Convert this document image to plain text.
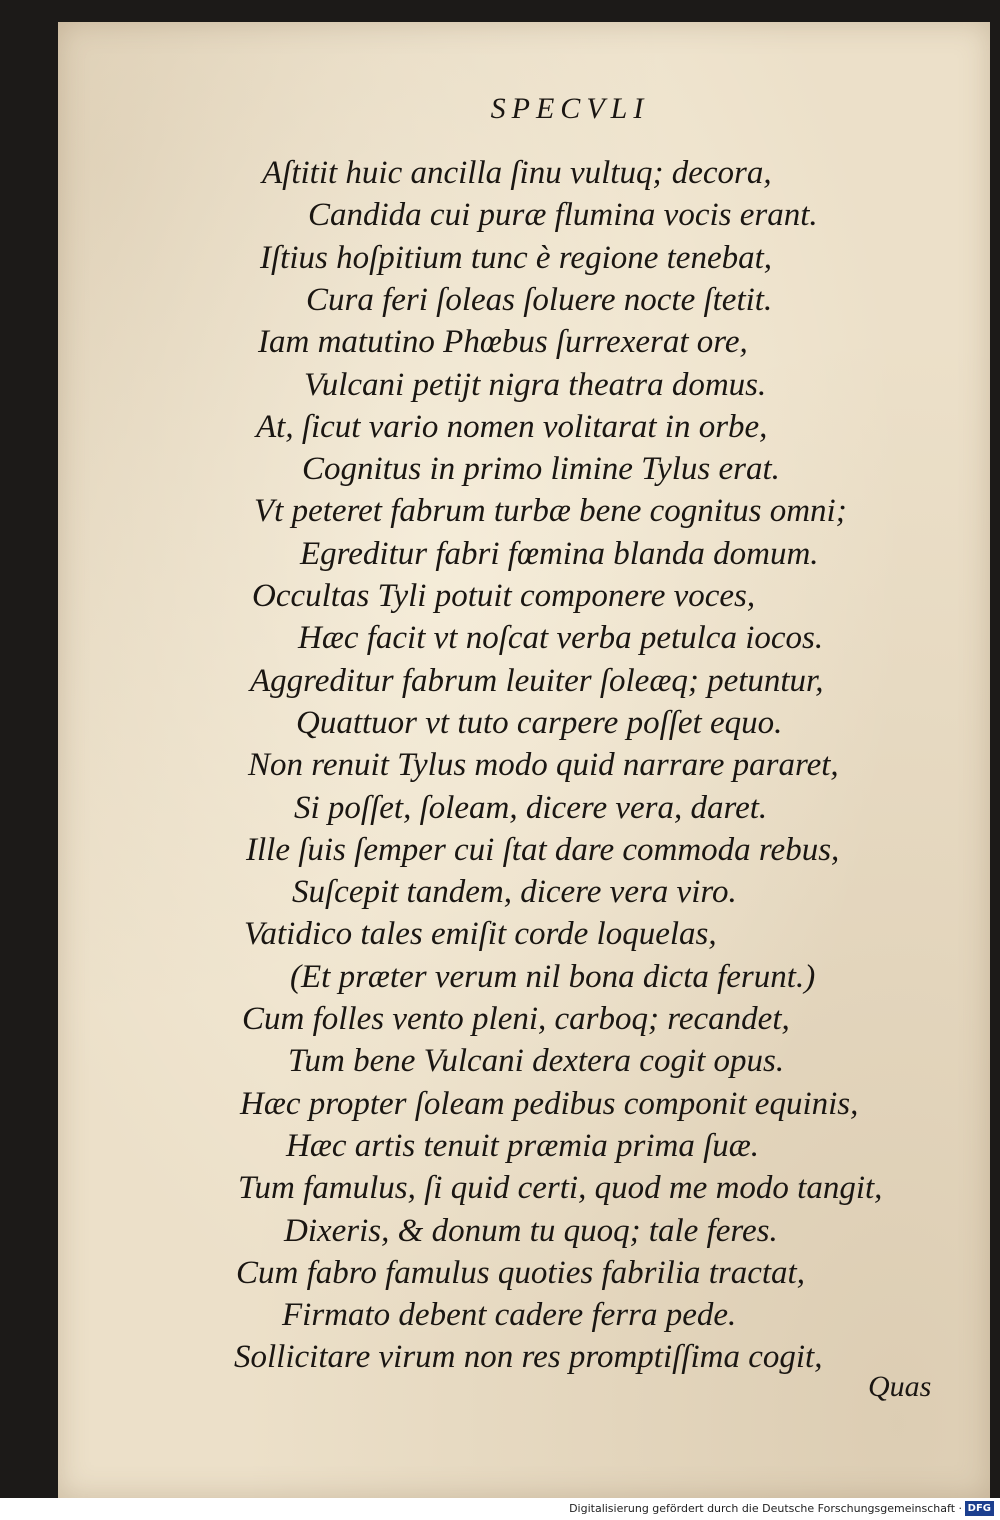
SPECVLI
Aſtitit huic ancilla ſinu vultuq; decora,
Candida cui puræ flumina vocis erant.
Iſtius hoſpitium tunc è regione tenebat,
Cura feri ſoleas ſoluere nocte ſtetit.
Iam matutino Phœbus ſurrexerat ore,
Vulcani petijt nigra theatra domus.
At, ſicut vario nomen volitarat in orbe,
Cognitus in primo limine Tylus erat.
Vt peteret fabrum turbæ bene cognitus omni;
Egreditur fabri fœmina blanda domum.
Occultas Tyli potuit componere voces,
Hæc facit vt noſcat verba petulca iocos.
Aggreditur fabrum leuiter ſoleæq; petuntur,
Quattuor vt tuto carpere poſſet equo.
Non renuit Tylus modo quid narrare pararet,
Si poſſet, ſoleam, dicere vera, daret.
Ille ſuis ſemper cui ſtat dare commoda rebus,
Suſcepit tandem, dicere vera viro.
Vatidico tales emiſit corde loquelas,
(Et præter verum nil bona dicta ferunt.)
Cum folles vento pleni, carboq; recandet,
Tum bene Vulcani dextera cogit opus.
Hæc propter ſoleam pedibus componit equinis,
Hæc artis tenuit præmia prima ſuæ.
Tum famulus, ſi quid certi, quod me modo tangit,
Dixeris, & donum tu quoq; tale feres.
Cum fabro famulus quoties fabrilia tractat,
Firmato debent cadere ferra pede.
Sollicitare virum non res promptiſſima cogit,
Quas
Digitalisierung gefördert durch die Deutsche Forschungsgemeinschaft · DFG
